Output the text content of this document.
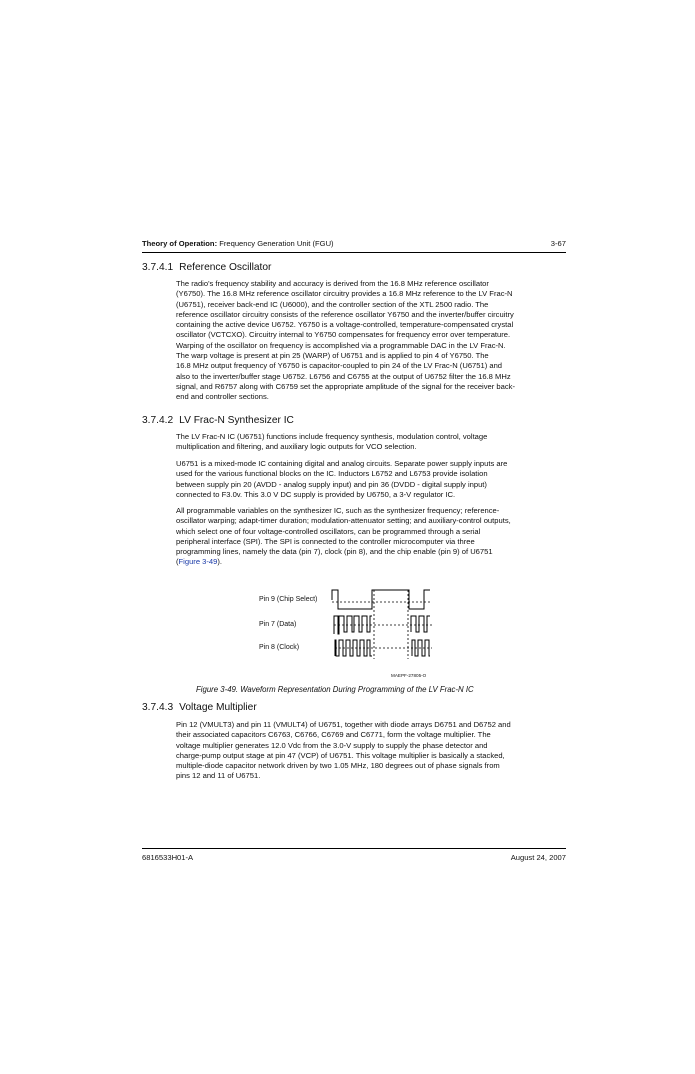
Theory of Operation: Frequency Generation Unit (FGU)	3-67
3.7.4.1 Reference Oscillator
The radio's frequency stability and accuracy is derived from the 16.8 MHz reference oscillator
(Y6750). The 16.8 MHz reference oscillator circuitry provides a 16.8 MHz reference to the LV Frac-N
(U6751), receiver back-end IC (U6000), and the controller section of the XTL 2500 radio. The
reference oscillator circuitry consists of the reference oscillator Y6750 and the inverter/buffer circuitry
containing the active device U6752. Y6750 is a voltage-controlled, temperature-compensated crystal
oscillator (VCTCXO). Circuitry internal to Y6750 compensates for frequency error over temperature.
Warping of the oscillator on frequency is accomplished via a programmable DAC in the LV Frac-N.
The warp voltage is present at pin 25 (WARP) of U6751 and is applied to pin 4 of Y6750. The
16.8 MHz output frequency of Y6750 is capacitor-coupled to pin 24 of the LV Frac-N (U6751) and
also to the inverter/buffer stage U6752. L6756 and C6755 at the output of U6752 filter the 16.8 MHz
signal, and R6757 along with C6759 set the appropriate amplitude of the signal for the receiver back-
end and controller sections.
3.7.4.2 LV Frac-N Synthesizer IC
The LV Frac-N IC (U6751) functions include frequency synthesis, modulation control, voltage
multiplication and filtering, and auxiliary logic outputs for VCO selection.
U6751 is a mixed-mode IC containing digital and analog circuits. Separate power supply inputs are
used for the various functional blocks on the IC. Inductors L6752 and L6753 provide isolation
between supply pin 20 (AVDD - analog supply input) and pin 36 (DVDD - digital supply input)
connected to F3.0v. This 3.0 V DC supply is provided by U6750, a 3-V regulator IC.
All programmable variables on the synthesizer IC, such as the synthesizer frequency; reference-
oscillator warping; adapt-timer duration; modulation-attenuator setting; and auxiliary-control outputs,
which select one of four voltage-controlled oscillators, can be programmed through a serial
peripheral interface (SPI). The SPI is connected to the controller microcomputer via three
programming lines, namely the data (pin 7), clock (pin 8), and the chip enable (pin 9) of U6751
(Figure 3-49).
Pin 9 (Chip Select)
Pin 7 (Data)
Pin 8 (Clock)
MAEPF-27805-O
Figure 3-49. Waveform Representation During Programming of the LV Frac-N IC
3.7.4.3 Voltage Multiplier
Pin 12 (VMULT3) and pin 11 (VMULT4) of U6751, together with diode arrays D6751 and D6752 and
their associated capacitors C6763, C6766, C6769 and C6771, form the voltage multiplier. The
voltage multiplier generates 12.0 Vdc from the 3.0-V supply to supply the phase detector and
charge-pump output stage at pin 47 (VCP) of U6751. This voltage multiplier is basically a stacked,
multiple-diode capacitor network driven by two 1.05 MHz, 180 degrees out of phase signals from
pins 12 and 11 of U6751.
6816533H01-A	August 24, 2007
